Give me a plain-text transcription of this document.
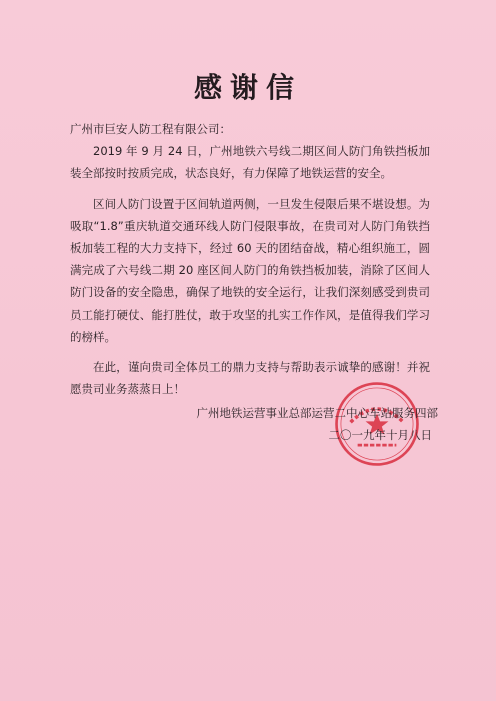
感谢信

广州市巨安人防工程有限公司：

2019 年 9 月 24 日，广州地铁六号线二期区间人防门角铁挡板加装全部按时按质完成，状态良好，有力保障了地铁运营的安全。

区间人防门设置于区间轨道两侧，一旦发生侵限后果不堪设想。为吸取“1.8”重庆轨道交通环线人防门侵限事故，在贵司对人防门角铁挡板加装工程的大力支持下，经过 60 天的团结奋战，精心组织施工，圆满完成了六号线二期 20 座区间人防门的角铁挡板加装，消除了区间人防门设备的安全隐患，确保了地铁的安全运行，让我们深刻感受到贵司员工能打硬仗、能打胜仗，敢于攻坚的扎实工作作风，是值得我们学习的榜样。

在此，谨向贵司全体员工的鼎力支持与帮助表示诚挚的感谢！并祝愿贵司业务蒸蒸日上！

广州地铁运营事业总部运营二中心车站服务四部
二〇一九年十月八日
